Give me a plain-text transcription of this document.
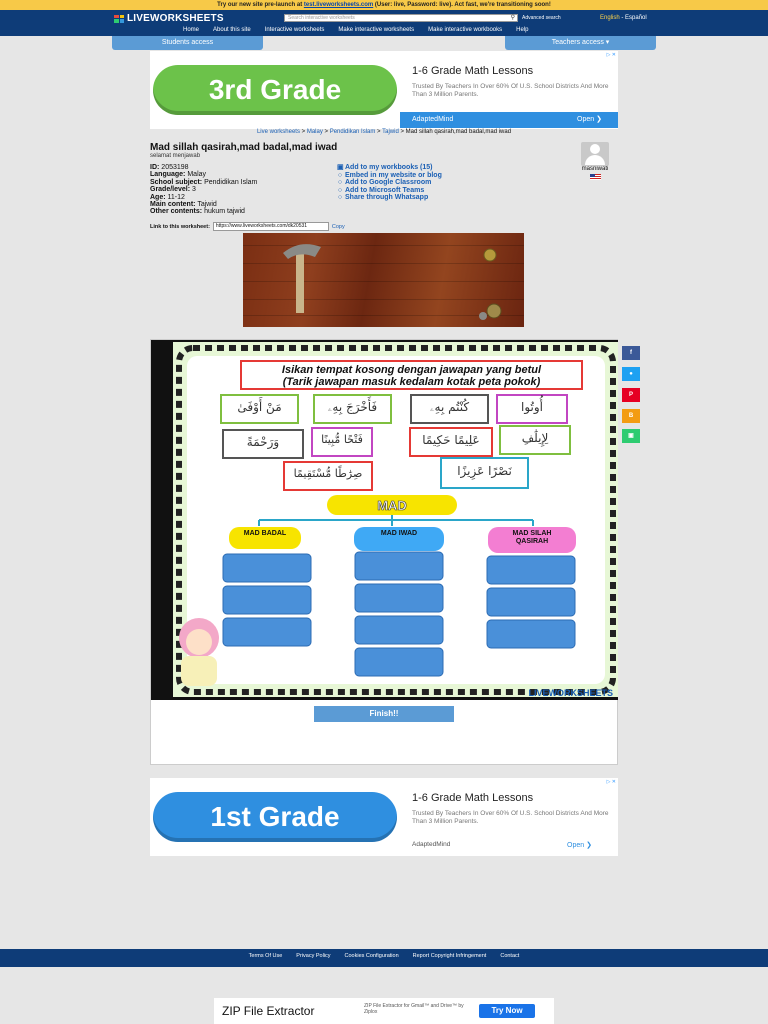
Try our new site pre-launch at test.liveworksheets.com (User: live, Password: live). Act fast, we're transitioning soon!
LIVEWORKSHEETS	Search interactive worksheets	⚲ Advanced search	English - Español
Home	About this site	Interactive worksheets	Make interactive worksheets	Make interactive workbooks	Help
Students access	Teachers access ▾
3rd Grade
▷ ✕
1-6 Grade Math Lessons
Trusted By Teachers In Over 60% Of U.S. School Districts And More Than 3 Million Parents.
AdaptedMind	Open ❯
Live worksheets > Malay > Pendidikan Islam > Tajwid > Mad sillah qasirah,mad badal,mad iwad
Mad sillah qasirah,mad badal,mad iwad
selamat menjawab
ID: 2053198
Language: Malay
School subject: Pendidikan Islam
Grade/level: 3
Age: 11-12
Main content: Tajwid
Other contents: hukum tajwid
▣Add to my workbooks (15)
○ Embed in my website or blog
○ Add to Google Classroom
○ Add to Microsoft Teams
○ Share through Whatsapp
masniwati
Link to this worksheet:	https://www.liveworksheets.com/dk20531	Copy
Isikan tempat kosong dengan jawapan yang betul
(Tarik jawapan masuk kedalam kotak peta pokok)
مَنْ أَوْفَىٰ	فَأَخْرَجَ بِهِۦ	كُنْتُم بِهِۦ	أُوتُوا
وَرَحْمَةً	فَتْحًا مُّبِينًا	عَلِيمًا حَكِيمًا	لِإِيلَٰفِ
صِرَٰطًا مُّسْتَقِيمًا	نَصْرًا عَزِيزًا
MAD
MAD BADAL	MAD IWAD	MAD SILAH QASIRAH
LIVEWORKSHEETS
Finish!!
f
●
P
B
▣
1st Grade
▷ ✕
1-6 Grade Math Lessons
Trusted By Teachers In Over 60% Of U.S. School Districts And More Than 3 Million Parents.
AdaptedMind	Open ❯
Terms Of Use	Privacy Policy	Cookies Configuration	Report Copyright Infringement	Contact
ZIP File Extractor	ZIP File Extractor for Gmail™ and Drive™ by Ziplox	Try Now
